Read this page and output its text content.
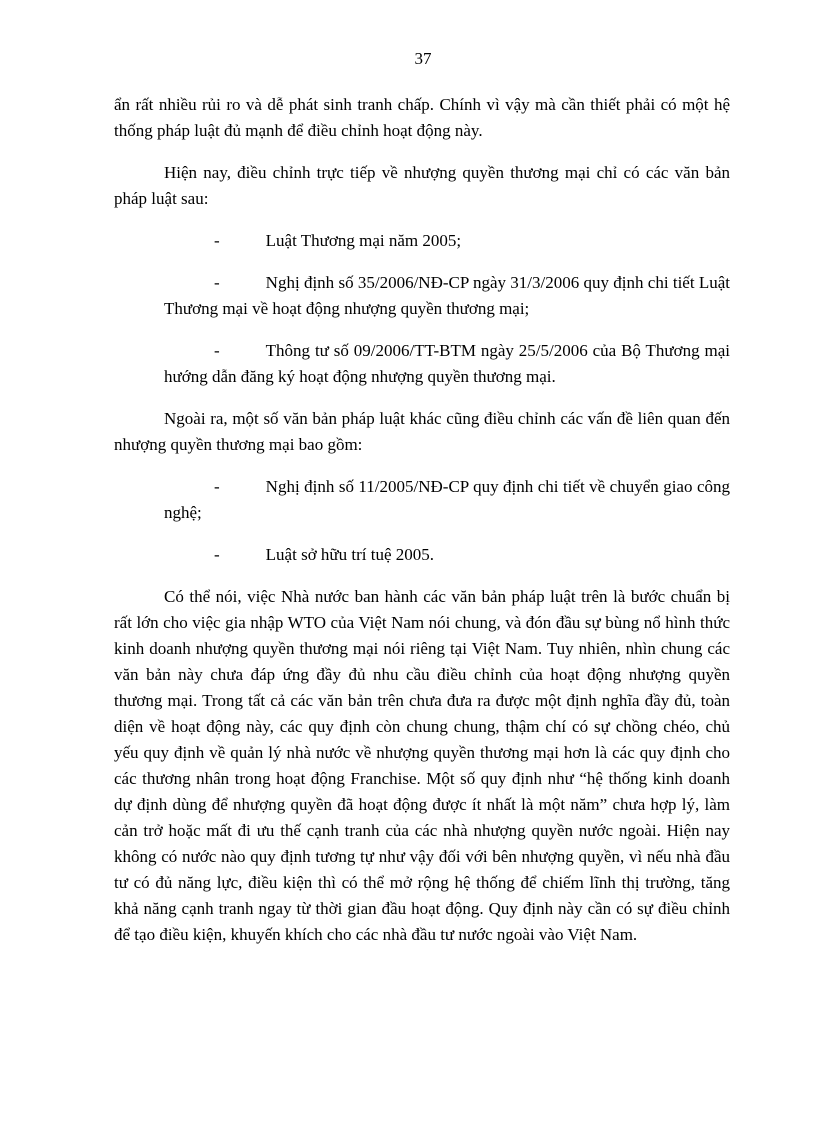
37

ẩn rất nhiều rủi ro và dễ phát sinh tranh chấp. Chính vì vậy mà cần thiết phải có một hệ thống pháp luật đủ mạnh để điều chỉnh hoạt động này.

Hiện nay, điều chỉnh trực tiếp về nhượng quyền thương mại chỉ có các văn bản pháp luật sau:

-	Luật Thương mại năm 2005;
-	Nghị định số 35/2006/NĐ-CP ngày 31/3/2006 quy định chi tiết Luật Thương mại về hoạt động nhượng quyền thương mại;
-	Thông tư số 09/2006/TT-BTM ngày 25/5/2006 của Bộ Thương mại hướng dẫn đăng ký hoạt động nhượng quyền thương mại.

Ngoài ra, một số văn bản pháp luật khác cũng điều chỉnh các vấn đề liên quan đến nhượng quyền thương mại bao gồm:

-	Nghị định số 11/2005/NĐ-CP quy định chi tiết về chuyển giao công nghệ;
-	Luật sở hữu trí tuệ 2005.

Có thể nói, việc Nhà nước ban hành các văn bản pháp luật trên là bước chuẩn bị rất lớn cho việc gia nhập WTO của Việt Nam nói chung, và đón đầu sự bùng nổ hình thức kinh doanh nhượng quyền thương mại nói riêng tại Việt Nam. Tuy nhiên, nhìn chung các văn bản này chưa đáp ứng đầy đủ nhu cầu điều chỉnh của hoạt động nhượng quyền thương mại. Trong tất cả các văn bản trên chưa đưa ra được một định nghĩa đầy đủ, toàn diện về hoạt động này, các quy định còn chung chung, thậm chí có sự chồng chéo, chủ yếu quy định về quản lý nhà nước về nhượng quyền thương mại hơn là các quy định cho các thương nhân trong hoạt động Franchise. Một số quy định như “hệ thống kinh doanh dự định dùng để nhượng quyền đã hoạt động được ít nhất là một năm” chưa hợp lý, làm cản trở hoặc mất đi ưu thế cạnh tranh của các nhà nhượng quyền nước ngoài. Hiện nay không có nước nào quy định tương tự như vậy đối với bên nhượng quyền, vì nếu nhà đầu tư có đủ năng lực, điều kiện thì có thể mở rộng hệ thống để chiếm lĩnh thị trường, tăng khả năng cạnh tranh ngay từ thời gian đầu hoạt động. Quy định này cần có sự điều chỉnh để tạo điều kiện, khuyến khích cho các nhà đầu tư nước ngoài vào Việt Nam.
